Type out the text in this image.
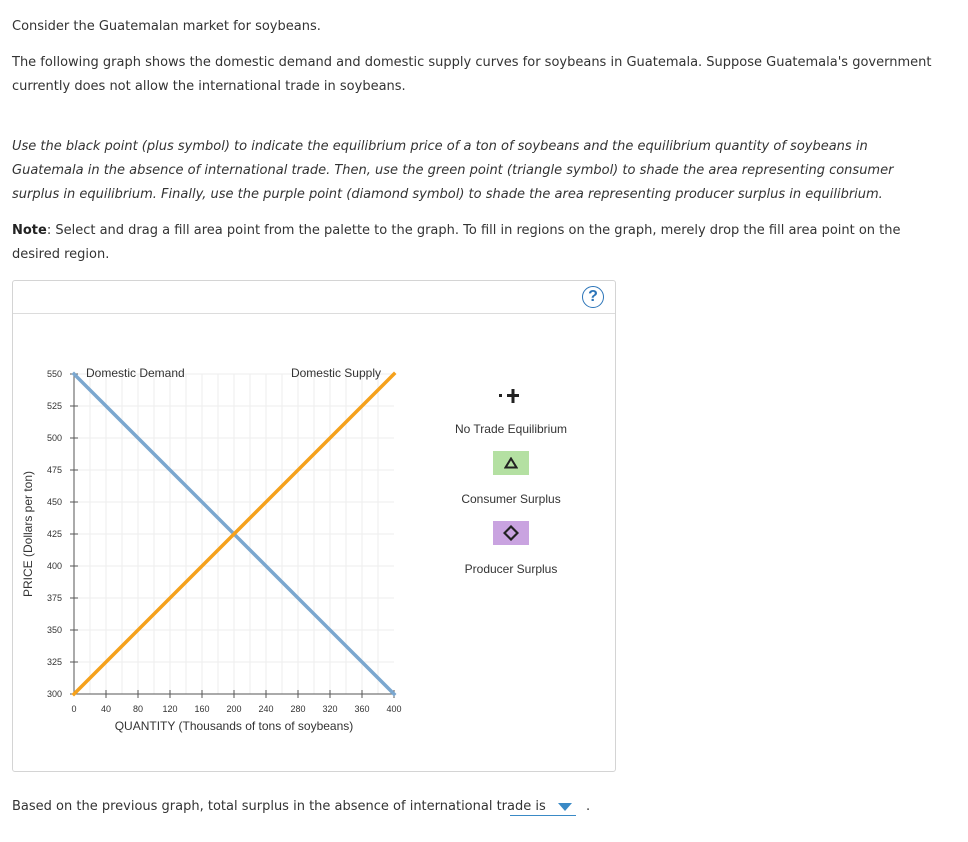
Consider the Guatemalan market for soybeans.

The following graph shows the domestic demand and domestic supply curves for soybeans in Guatemala. Suppose Guatemala's government currently does not allow the international trade in soybeans.

Use the black point (plus symbol) to indicate the equilibrium price of a ton of soybeans and the equilibrium quantity of soybeans in Guatemala in the absence of international trade. Then, use the green point (triangle symbol) to shade the area representing consumer surplus in equilibrium. Finally, use the purple point (diamond symbol) to shade the area representing producer surplus in equilibrium.

Note: Select and drag a fill area point from the palette to the graph. To fill in regions on the graph, merely drop the fill area point on the desired region.

?
300
325
350
375
400
425
450
475
500
525
550
0	40 80 120 160 200 240 280 320 360 400
QUANTITY (Thousands of tons of soybeans)
PRICE (Dollars per ton)
Domestic Demand	Domestic Supply
No Trade Equilibrium
Consumer Surplus
Producer Surplus
Based on the previous graph, total surplus in the absence of international trade is	.
